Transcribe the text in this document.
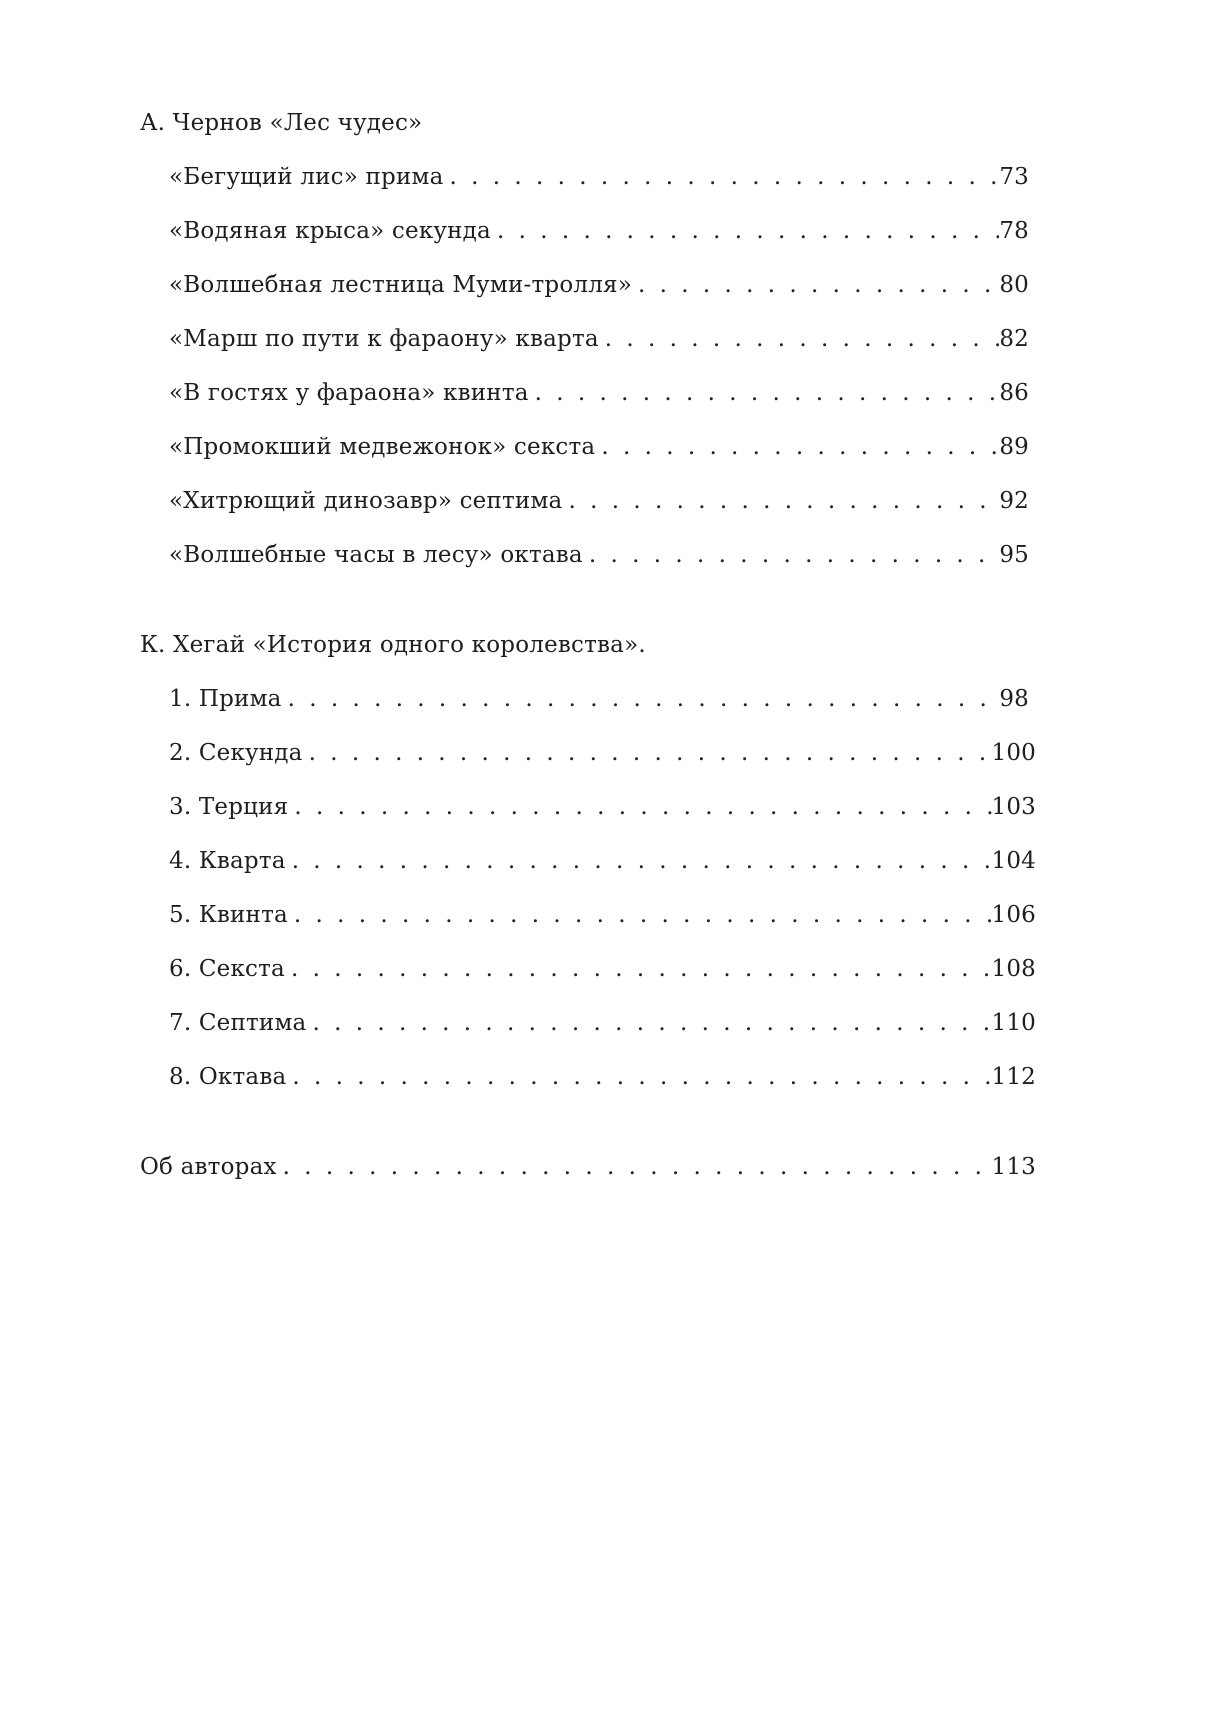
А. Чернов «Лес чудес»
«Бегущий лис» прима . . .	73
«Водяная крыса» секунда . . .	78
«Волшебная лестница Муми-тролля» . . .	80
«Марш по пути к фараону» кварта . . .	82
«В гостях у фараона» квинта . . .	86
«Промокший медвежонок» секста . . .	89
«Хитрющий динозавр» септима . . .	92
«Волшебные часы в лесу» октава . . .	95
К. Хегай «История одного королевства».
1. Прима . . .	98
2. Секунда . . .	100
3. Терция . . .	103
4. Кварта . . .	104
5. Квинта . . .	106
6. Секста . . .	108
7. Септима . . .	110
8. Октава . . .	112
Об авторах . . .	113
